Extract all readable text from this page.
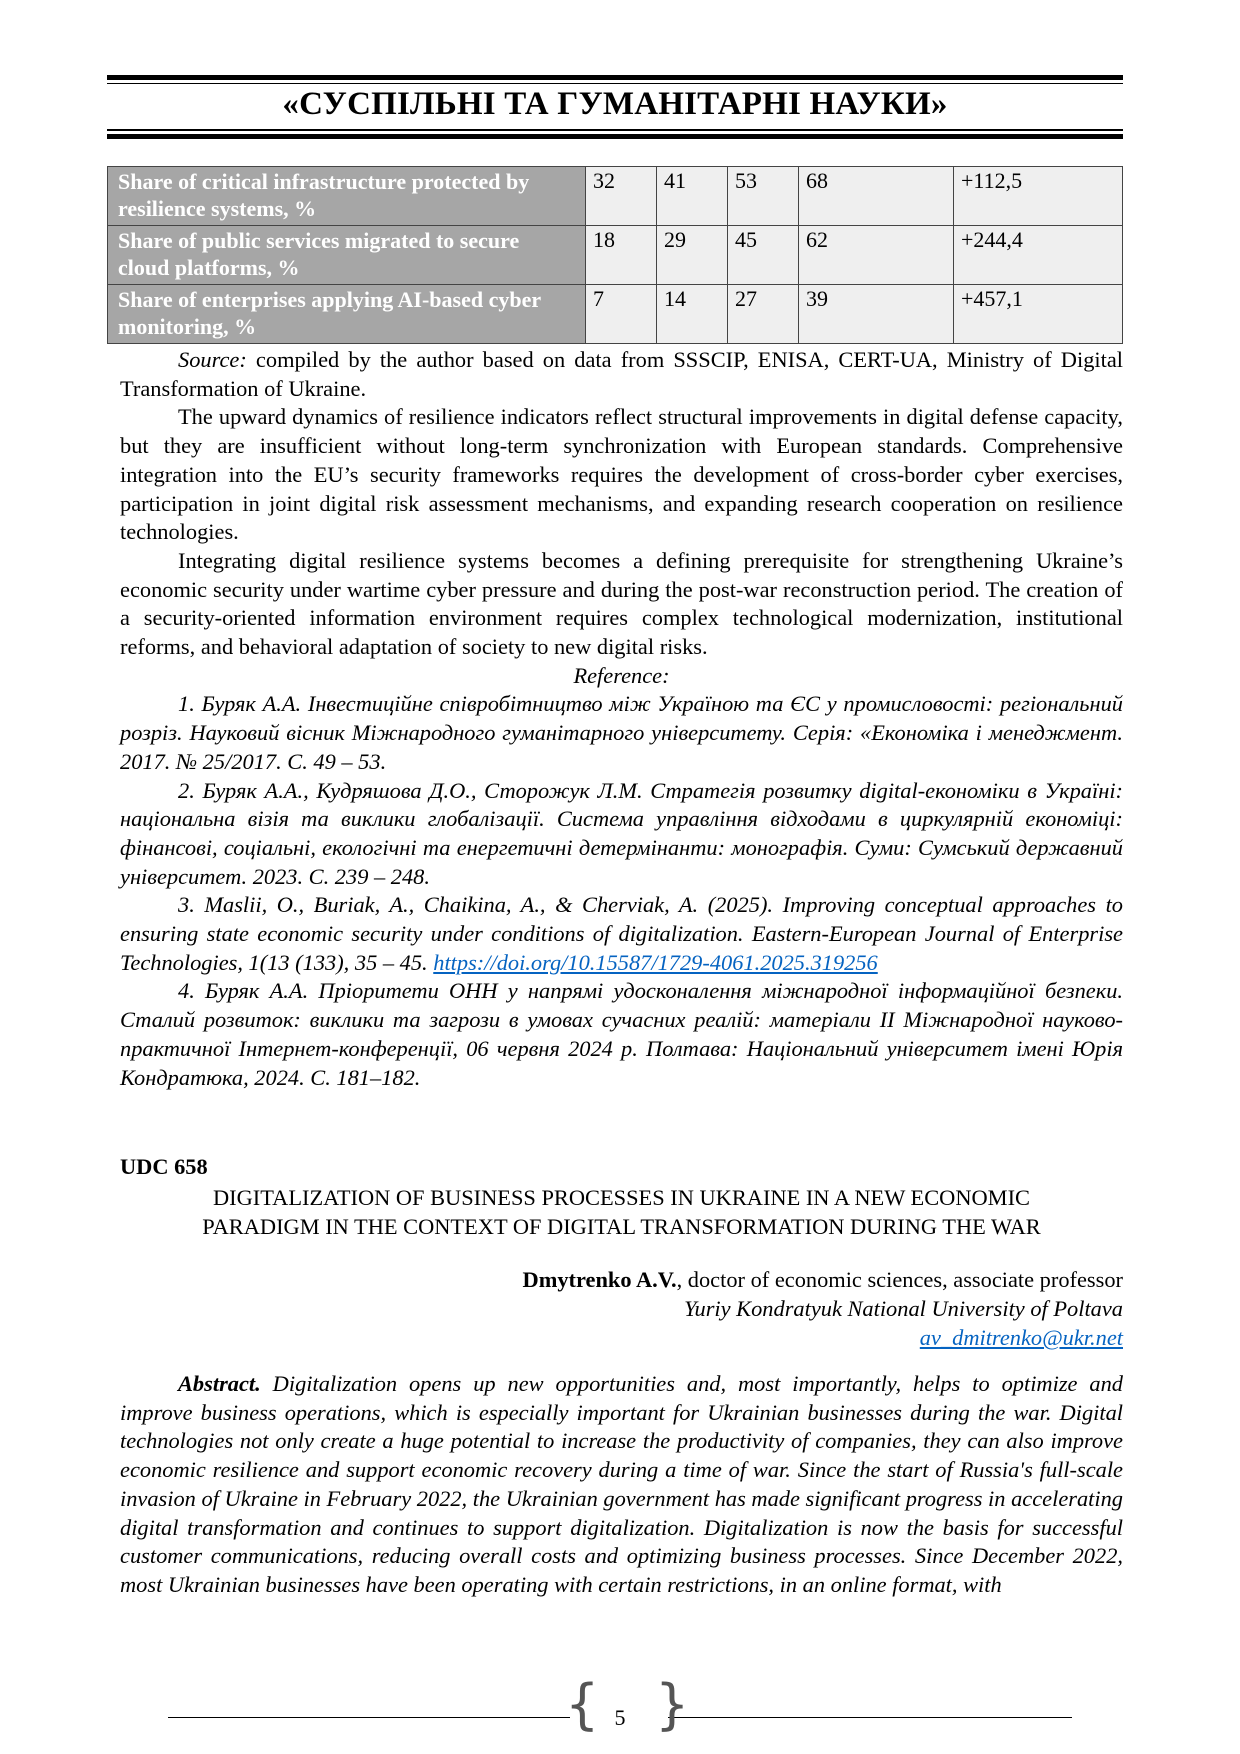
«СУСПІЛЬНІ ТА ГУМАНІТАРНІ НАУКИ»
Share of critical infrastructure protected by resilience systems, %	32	41	53	68	+112,5
Share of public services migrated to secure cloud platforms, %	18	29	45	62	+244,4
Share of enterprises applying AI-based cyber monitoring, %	7	14	27	39	+457,1

Source: compiled by the author based on data from SSSCIP, ENISA, CERT-UA, Ministry of Digital Transformation of Ukraine.

The upward dynamics of resilience indicators reflect structural improvements in digital defense capacity, but they are insufficient without long-term synchronization with European standards. Comprehensive integration into the EU’s security frameworks requires the development of cross-border cyber exercises, participation in joint digital risk assessment mechanisms, and expanding research cooperation on resilience technologies.

Integrating digital resilience systems becomes a defining prerequisite for strengthening Ukraine’s economic security under wartime cyber pressure and during the post-war reconstruction period. The creation of a security-oriented information environment requires complex technological modernization, institutional reforms, and behavioral adaptation of society to new digital risks.

Reference:

1. Буряк А.А. Інвестиційне співробітництво між Україною та ЄС у промисловості: регіональний розріз. Науковий вісник Міжнародного гуманітарного університету. Серія: «Економіка і менеджмент. 2017. № 25/2017. С. 49 – 53.

2. Буряк А.А., Кудряшова Д.О., Сторожук Л.М. Стратегія розвитку digital-економіки в Україні: національна візія та виклики глобалізації. Система управління відходами в циркулярній економіці: фінансові, соціальні, екологічні та енергетичні детермінанти: монографія. Суми: Сумський державний університет. 2023. С. 239 – 248.

3. Maslii, O., Buriak, A., Chaikina, A., & Cherviak, A. (2025). Improving conceptual approaches to ensuring state economic security under conditions of digitalization. Eastern-European Journal of Enterprise Technologies, 1(13 (133), 35 – 45. https://doi.org/10.15587/1729-4061.2025.319256

4. Буряк А.А. Пріоритети ОНН у напрямі удосконалення міжнародної інформаційної безпеки. Сталий розвиток: виклики та загрози в умовах сучасних реалій: матеріали ІІ Міжнародної науково-практичної Інтернет-конференції, 06 червня 2024 р. Полтава: Національний університет імені Юрія Кондратюка, 2024. С. 181–182.

UDC 658
DIGITALIZATION OF BUSINESS PROCESSES IN UKRAINE IN A NEW ECONOMIC
PARADIGM IN THE CONTEXT OF DIGITAL TRANSFORMATION DURING THE WAR
Dmytrenko A.V., doctor of economic sciences, associate professor
Yuriy Kondratyuk National University of Poltava
av_dmitrenko@ukr.net

Abstract. Digitalization opens up new opportunities and, most importantly, helps to optimize and improve business operations, which is especially important for Ukrainian businesses during the war. Digital technologies not only create a huge potential to increase the productivity of companies, they can also improve economic resilience and support economic recovery during a time of war. Since the start of Russia's full-scale invasion of Ukraine in February 2022, the Ukrainian government has made significant progress in accelerating digital transformation and continues to support digitalization. Digitalization is now the basis for successful customer communications, reducing overall costs and optimizing business processes. Since December 2022, most Ukrainian businesses have been operating with certain restrictions, in an online format, with

{ }
5
